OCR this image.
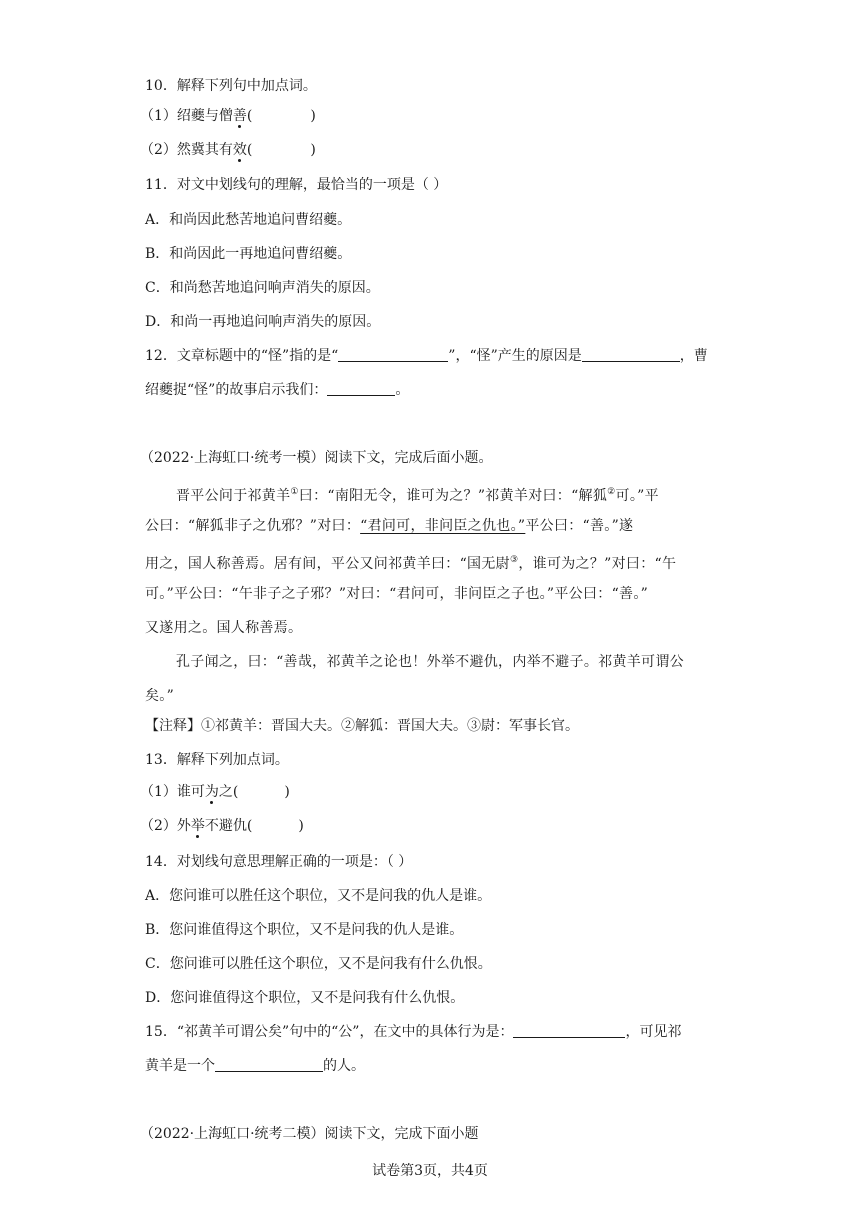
10．解释下列句中加点词。
（1）绍夔与僧善(	)
（2）然冀其有效(	)
11．对文中划线句的理解，最恰当的一项是（ ）
A．和尚因此愁苦地追问曹绍夔。
B．和尚因此一再地追问曹绍夔。
C．和尚愁苦地追问响声消失的原因。
D．和尚一再地追问响声消失的原因。
12．文章标题中的“怪”指的是“	”，“怪”产生的原因是	，曹
绍夔捉“怪”的故事启示我们：	。
（2022·上海虹口·统考一模）阅读下文，完成后面小题。
晋平公问于祁黄羊①曰：“南阳无令，谁可为之？”祁黄羊对曰：“解狐②可。”平
公曰：“解狐非子之仇邪？”对曰：“君问可，非问臣之仇也。”平公曰：“善。”遂
用之，国人称善焉。居有间，平公又问祁黄羊曰：“国无尉③，谁可为之？”对曰：“午
可。”平公曰：“午非子之子邪？”对曰：“君问可，非问臣之子也。”平公曰：“善。”
又遂用之。国人称善焉。
孔子闻之，曰：“善哉，祁黄羊之论也！外举不避仇，内举不避子。祁黄羊可谓公
矣。”
【注释】①祁黄羊：晋国大夫。②解狐：晋国大夫。③尉：军事长官。
13．解释下列加点词。
（1）谁可为之(	)
（2）外举不避仇(	)
14．对划线句意思理解正确的一项是：（ ）
A．您问谁可以胜任这个职位，又不是问我的仇人是谁。
B．您问谁值得这个职位，又不是问我的仇人是谁。
C．您问谁可以胜任这个职位，又不是问我有什么仇恨。
D．您问谁值得这个职位，又不是问我有什么仇恨。
15．“祁黄羊可谓公矣”句中的“公”，在文中的具体行为是：	，可见祁
黄羊是一个	的人。
（2022·上海虹口·统考二模）阅读下文，完成下面小题
试卷第3页，共4页
